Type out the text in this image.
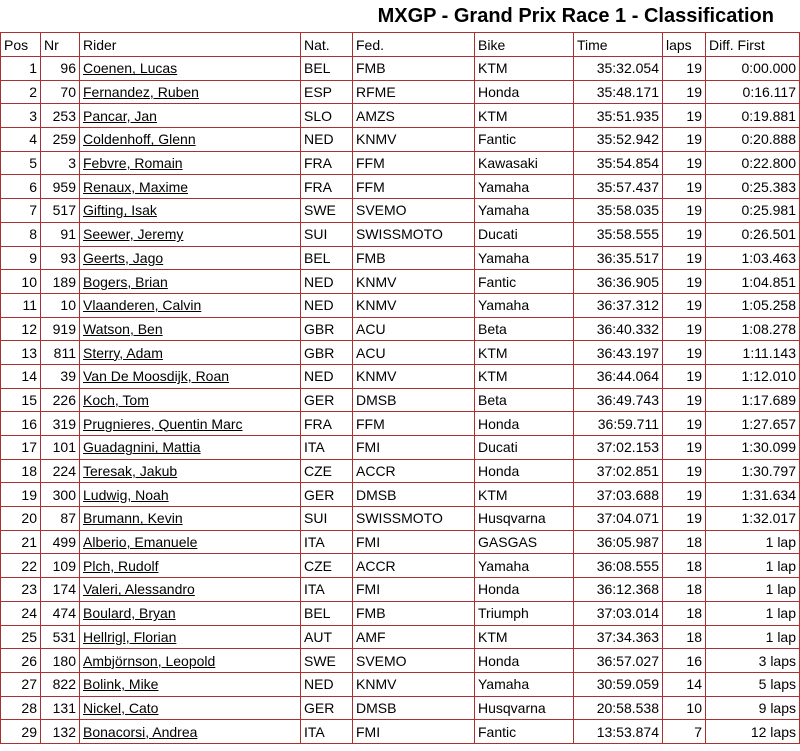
MXGP - Grand Prix Race 1 - Classification
Pos	Nr	Rider	Nat.	Fed.	Bike	Time	laps	Diff. First
1	96	Coenen, Lucas	BEL	FMB	KTM	35:32.054	19	0:00.000
2	70	Fernandez, Ruben	ESP	RFME	Honda	35:48.171	19	0:16.117
3	253	Pancar, Jan	SLO	AMZS	KTM	35:51.935	19	0:19.881
4	259	Coldenhoff, Glenn	NED	KNMV	Fantic	35:52.942	19	0:20.888
5	3	Febvre, Romain	FRA	FFM	Kawasaki	35:54.854	19	0:22.800
6	959	Renaux, Maxime	FRA	FFM	Yamaha	35:57.437	19	0:25.383
7	517	Gifting, Isak	SWE	SVEMO	Yamaha	35:58.035	19	0:25.981
8	91	Seewer, Jeremy	SUI	SWISSMOTO	Ducati	35:58.555	19	0:26.501
9	93	Geerts, Jago	BEL	FMB	Yamaha	36:35.517	19	1:03.463
10	189	Bogers, Brian	NED	KNMV	Fantic	36:36.905	19	1:04.851
11	10	Vlaanderen, Calvin	NED	KNMV	Yamaha	36:37.312	19	1:05.258
12	919	Watson, Ben	GBR	ACU	Beta	36:40.332	19	1:08.278
13	811	Sterry, Adam	GBR	ACU	KTM	36:43.197	19	1:11.143
14	39	Van De Moosdijk, Roan	NED	KNMV	KTM	36:44.064	19	1:12.010
15	226	Koch, Tom	GER	DMSB	Beta	36:49.743	19	1:17.689
16	319	Prugnieres, Quentin Marc	FRA	FFM	Honda	36:59.711	19	1:27.657
17	101	Guadagnini, Mattia	ITA	FMI	Ducati	37:02.153	19	1:30.099
18	224	Teresak, Jakub	CZE	ACCR	Honda	37:02.851	19	1:30.797
19	300	Ludwig, Noah	GER	DMSB	KTM	37:03.688	19	1:31.634
20	87	Brumann, Kevin	SUI	SWISSMOTO	Husqvarna	37:04.071	19	1:32.017
21	499	Alberio, Emanuele	ITA	FMI	GASGAS	36:05.987	18	1 lap
22	109	Plch, Rudolf	CZE	ACCR	Yamaha	36:08.555	18	1 lap
23	174	Valeri, Alessandro	ITA	FMI	Honda	36:12.368	18	1 lap
24	474	Boulard, Bryan	BEL	FMB	Triumph	37:03.014	18	1 lap
25	531	Hellrigl, Florian	AUT	AMF	KTM	37:34.363	18	1 lap
26	180	Ambjörnson, Leopold	SWE	SVEMO	Honda	36:57.027	16	3 laps
27	822	Bolink, Mike	NED	KNMV	Yamaha	30:59.059	14	5 laps
28	131	Nickel, Cato	GER	DMSB	Husqvarna	20:58.538	10	9 laps
29	132	Bonacorsi, Andrea	ITA	FMI	Fantic	13:53.874	7	12 laps
